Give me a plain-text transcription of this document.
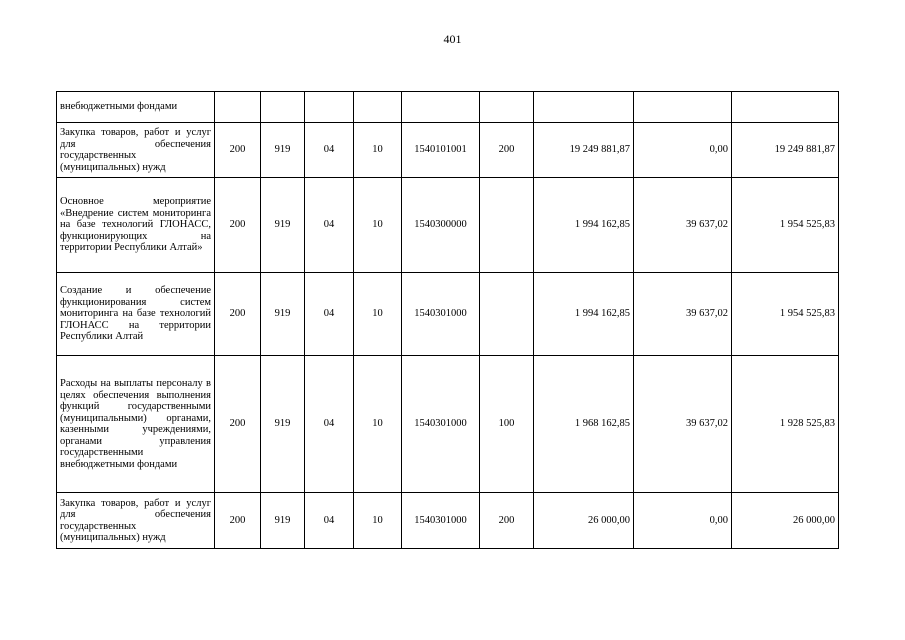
401
внебюджетными фондами									
Закупка товаров, работ и услуг для обеспечения государственных (муниципальных) нужд	200	919	04	10	1540101001	200	19 249 881,87	0,00	19 249 881,87
Основное мероприятие «Внедрение систем мониторинга на базе технологий ГЛОНАСС, функционирующих на территории Республики Алтай»	200	919	04	10	1540300000		1 994 162,85	39 637,02	1 954 525,83
Создание и обеспечение функционирования систем мониторинга на базе технологий ГЛОНАСС на территории Республики Алтай	200	919	04	10	1540301000		1 994 162,85	39 637,02	1 954 525,83
Расходы на выплаты персоналу в целях обеспечения выполнения функций государственными (муниципальными) органами, казенными учреждениями, органами управления государственными внебюджетными фондами	200	919	04	10	1540301000	100	1 968 162,85	39 637,02	1 928 525,83
Закупка товаров, работ и услуг для обеспечения государственных (муниципальных) нужд	200	919	04	10	1540301000	200	26 000,00	0,00	26 000,00
